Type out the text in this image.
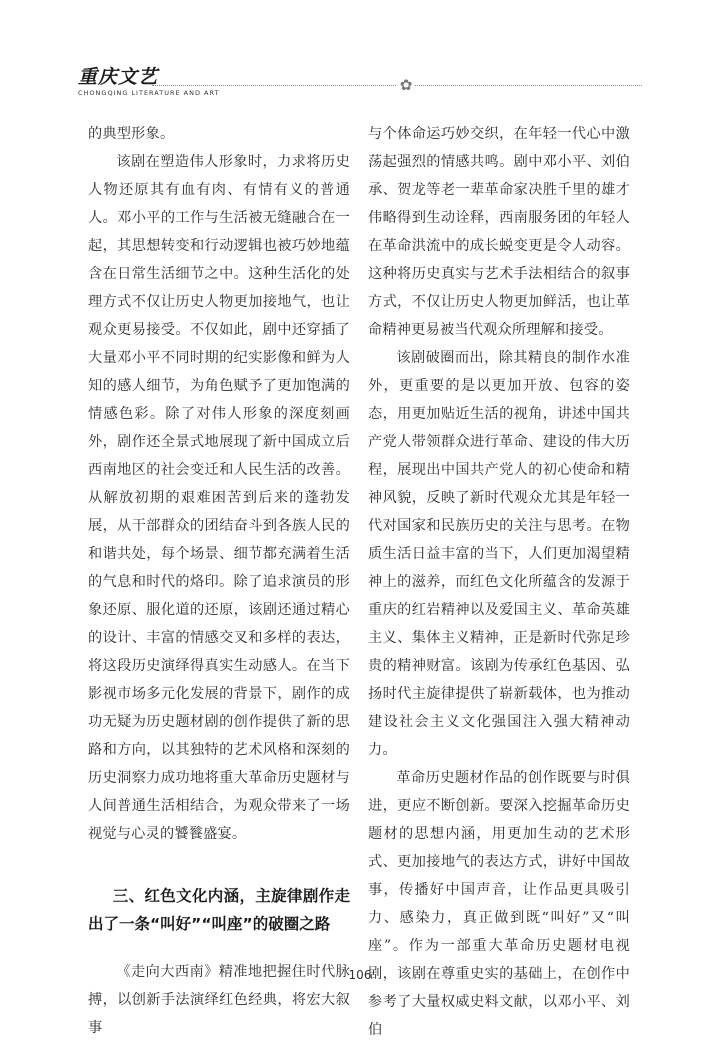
重庆文艺
CHONGQING LITERATURE AND ART	✿

的典型形象。

该剧在塑造伟人形象时，力求将历史人物还原其有血有肉、有情有义的普通人。邓小平的工作与生活被无缝融合在一起，其思想转变和行动逻辑也被巧妙地蕴含在日常生活细节之中。这种生活化的处理方式不仅让历史人物更加接地气，也让观众更易接受。不仅如此，剧中还穿插了大量邓小平不同时期的纪实影像和鲜为人知的感人细节，为角色赋予了更加饱满的情感色彩。除了对伟人形象的深度刻画外，剧作还全景式地展现了新中国成立后西南地区的社会变迁和人民生活的改善。从解放初期的艰难困苦到后来的蓬勃发展，从干部群众的团结奋斗到各族人民的和谐共处，每个场景、细节都充满着生活的气息和时代的烙印。除了追求演员的形象还原、服化道的还原，该剧还通过精心的设计、丰富的情感交叉和多样的表达，将这段历史演绎得真实生动感人。在当下影视市场多元化发展的背景下，剧作的成功无疑为历史题材剧的创作提供了新的思路和方向，以其独特的艺术风格和深刻的历史洞察力成功地将重大革命历史题材与人间普通生活相结合，为观众带来了一场视觉与心灵的饕餮盛宴。

三、红色文化内涵，主旋律剧作走出了一条“叫好”“叫座”的破圈之路

《走向大西南》精准地把握住时代脉搏，以创新手法演绎红色经典，将宏大叙事

与个体命运巧妙交织，在年轻一代心中激荡起强烈的情感共鸣。剧中邓小平、刘伯承、贺龙等老一辈革命家决胜千里的雄才伟略得到生动诠释，西南服务团的年轻人在革命洪流中的成长蜕变更是令人动容。这种将历史真实与艺术手法相结合的叙事方式，不仅让历史人物更加鲜活，也让革命精神更易被当代观众所理解和接受。

该剧破圈而出，除其精良的制作水准外，更重要的是以更加开放、包容的姿态，用更加贴近生活的视角，讲述中国共产党人带领群众进行革命、建设的伟大历程，展现出中国共产党人的初心使命和精神风貌，反映了新时代观众尤其是年轻一代对国家和民族历史的关注与思考。在物质生活日益丰富的当下，人们更加渴望精神上的滋养，而红色文化所蕴含的发源于重庆的红岩精神以及爱国主义、革命英雄主义、集体主义精神，正是新时代弥足珍贵的精神财富。该剧为传承红色基因、弘扬时代主旋律提供了崭新载体，也为推动建设社会主义文化强国注入强大精神动力。

革命历史题材作品的创作既要与时俱进，更应不断创新。要深入挖掘革命历史题材的思想内涵，用更加生动的艺术形式、更加接地气的表达方式，讲好中国故事，传播好中国声音，让作品更具吸引力、感染力，真正做到既“叫好”又“叫座”。作为一部重大革命历史题材电视剧，该剧在尊重史实的基础上，在创作中参考了大量权威史料文献，以邓小平、刘伯

106
